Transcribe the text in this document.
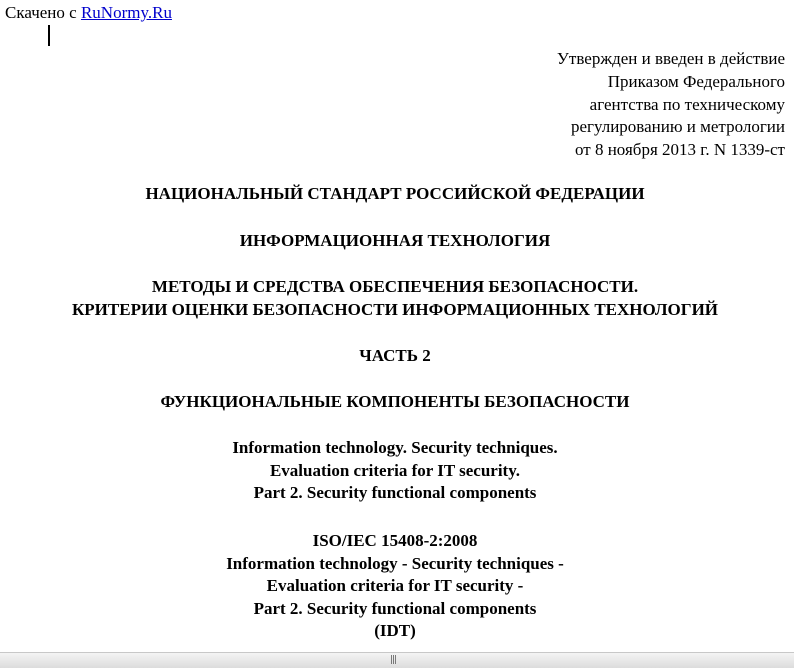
Скачено с RuNormy.Ru
Утвержден и введен в действие
Приказом Федерального
агентства по техническому
регулированию и метрологии
от 8 ноября 2013 г. N 1339-ст
НАЦИОНАЛЬНЫЙ СТАНДАРТ РОССИЙСКОЙ ФЕДЕРАЦИИ
ИНФОРМАЦИОННАЯ ТЕХНОЛОГИЯ
МЕТОДЫ И СРЕДСТВА ОБЕСПЕЧЕНИЯ БЕЗОПАСНОСТИ.
КРИТЕРИИ ОЦЕНКИ БЕЗОПАСНОСТИ ИНФОРМАЦИОННЫХ ТЕХНОЛОГИЙ
ЧАСТЬ 2
ФУНКЦИОНАЛЬНЫЕ КОМПОНЕНТЫ БЕЗОПАСНОСТИ
Information technology. Security techniques.
Evaluation criteria for IT security.
Part 2. Security functional components
ISO/IEC 15408-2:2008
Information technology - Security techniques -
Evaluation criteria for IT security -
Part 2. Security functional components
(IDT)
|||
